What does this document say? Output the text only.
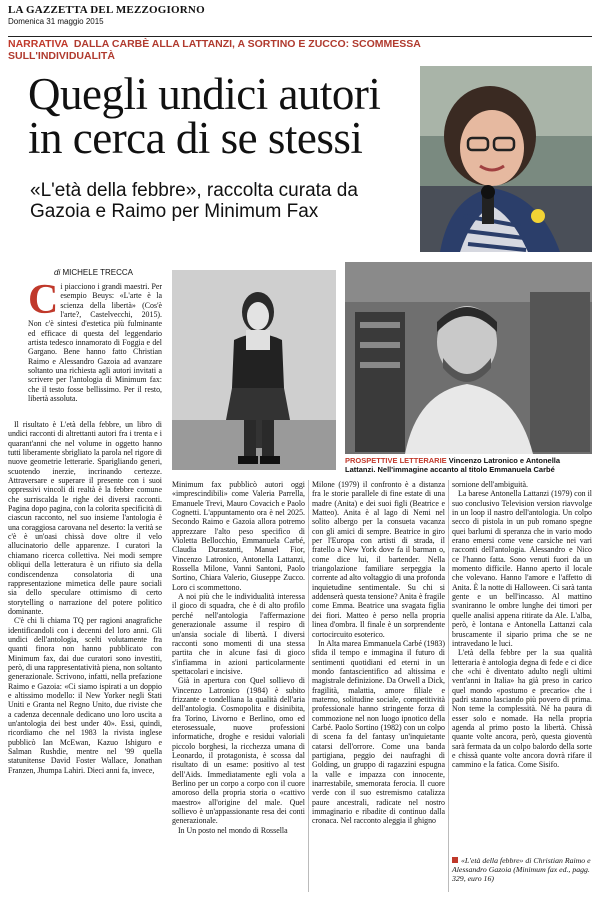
LA GAZZETTA DEL MEZZOGIORNO
Domenica 31 maggio 2015
NARRATIVA DALLA CARBÈ ALLA LATTANZI, A SORTINO E ZUCCO: SCOMMESSA SULL'INDIVIDUALITÀ
Quegli undici autori
in cerca di se stessi
«L'età della febbre», raccolta curata da Gazoia e Raimo per Minimum Fax
di MICHELE TRECCA
Ci piacciono i grandi maestri. Per esempio Beuys: «L'arte è la scienza della libertà» (Cos'è l'arte?, Castelvecchi, 2015). Non c'è sintesi d'estetica più fulminante ed efficace di questa del leggendario artista tedesco innamorato di Foggia e del Gargano. Bene hanno fatto Christian Raimo e Alessandro Gazoia ad avanzare soltanto una richiesta agli autori invitati a scrivere per l'antologia di Minimum fax: che il testo fosse bellissimo. Per il resto, libertà assoluta.

Il risultato è L'età della febbre, un libro di undici racconti di altrettanti autori fra i trenta e i quarant'anni che nel volume in oggetto hanno tutti liberamente sbrigliato la parola nel rigore di nuove geometrie letterarie. Sparigliando generi, scuotendo inerzie, incrinando certezze. Attraversare e superare il presente con i suoi oppressivi vincoli di realtà è la febbre comune che surriscalda le righe dei diversi racconti. Pagina dopo pagina, con la colorita specificità di ciascun racconto, nel suo insieme l'antologia è una coraggiosa carovana nel deserto: la verità se c'è è un'oasi chissà dove oltre il velo allucinatorio delle apparenze. I curatori la chiamano ricerca collettiva. Nei modi sempre obliqui della letteratura è un rifiuto sia della condiscendenza consolatoria di una rappresentazione mimetica delle paure sociali sia dello speculare ottimismo di certo storytelling o narrazione del potere politico dominante.

C'è chi li chiama TQ per ragioni anagrafiche identificandoli con i decenni del loro anni. Gli undici dell'antologia, scelti volutamente fra quanti finora non hanno pubblicato con Minimum fax, dai due curatori sono investiti, però, di una rappresentatività piena, non soltanto generazionale. Scrivono, infatti, nella prefazione Raimo e Gazoia: «Ci siamo ispirati a un doppio e altissimo modello: il New Yorker negli Stati Uniti e Granta nel Regno Unito, due riviste che a cadenza decennale dedicano uno loro uscita a un'antologia dei best under 40». Essi, quindi, ricordiamo che nel 1983 la rivista inglese pubblicò Ian McEwan, Kazuo Ishiguro e Salman Rushdie, mentre nel '99 quella statunitense David Foster Wallace, Jonathan Franzen, Jhumpa Lahiri. Dieci anni fa, invece,

PROSPETTIVE LETTERARIE Vincenzo Latronico e Antonella Lattanzi. Nell'immagine accanto al titolo Emmanuela Carbé

Minimum fax pubblicò autori oggi «imprescindibili» come Valeria Parrella, Emanuele Trevi, Mauro Covacich e Paolo Cognetti. L'appuntamento ora è nel 2025. Secondo Raimo e Gazoia allora potremo apprezzare l'alto peso specifico di Violetta Bellocchio, Emmanuela Carbé, Claudia Durastanti, Manuel Fior, Vincenzo Latronico, Antonella Lattanzi, Rossella Milone, Vanni Santoni, Paolo Sortino, Chiara Valerio, Giuseppe Zucco. Loro ci scommettono.

A noi più che le individualità interessa il gioco di squadra, che è di alto profilo perché nell'antologia l'affermazione generazionale assume il respiro di un'ansia sociale di libertà. I diversi racconti sono momenti di una stessa partita che in alcune fasi di gioco s'infiamma in azioni particolarmente spettacolari e incisive.

Già in apertura con Quel sollievo di Vincenzo Latronico (1984) è subito frizzante e tondelliana la qualità dell'aria dell'antologia. Cosmopolita e disinibita, fra Torino, Livorno e Berlino, omo ed eterosessuale, nuove professioni informatiche, droghe e residui valoriali piccolo borghesi, la ricchezza umana di Leonardo, il protagonista, è scossa dal risultato di un esame: positivo al test dell'Aids. Immediatamente egli vola a Berlino per un corpo a corpo con il cuore amoroso della propria storia o «cattivo maestro» all'origine del male. Quel sollievo è un'appassionante resa dei conti generazionale.

In Un posto nel mondo di Rossella

Milone (1979) il confronto è a distanza fra le storie parallele di fine estate di una madre (Anita) e dei suoi figli (Beatrice e Matteo). Anita è al lago di Nemi nel solito albergo per la consueta vacanza con gli amici di sempre. Beatrice in giro per l'Europa con artisti di strada, il fratello a New York dove fa il barman o, come dice lui, il bartender. Nella triangolazione familiare serpeggia la corrente ad alto voltaggio di una profonda inquietudine sentimentale. Su chi si addenserà questa tensione? Anita è fragile come Emma. Beatrice una svagata figlia dei fiori. Matteo è perso nella propria linea d'ombra. Il finale è un sorprendente cortocircuito esoterico.

In Alta marea Emmanuela Carbé (1983) sfida il tempo e immagina il futuro di sentimenti quotidiani ed eterni in un mondo fantascientifico ad altissima e magistrale definizione. Da Orwell a Dick, fragilità, malattia, amore filiale e materno, solitudine sociale, competitività professionale hanno stringente forza di commozione nel non luogo ipnotico della Carbé. Paolo Sortino (1982) con un colpo di scena fa del fantasy un'inquietante catarsi dell'orrore. Come una banda partigiana, peggio dei naufraghi di Golding, un gruppo di ragazzini espugna la valle e impazza con innocente, inarrestabile, smemorata ferocia. Il cuore verde con il suo estremismo catalizza paure ancestrali, radicate nel nostro immaginario e ribadite di continuo dalla cronaca. Nel racconto aleggia il ghigno

sornione dell'ambiguità.

La barese Antonella Lattanzi (1979) con il suo conclusivo Television version riavvolge in un loop il nastro dell'antologia. Un colpo secco di pistola in un pub romano spegne quei barlumi di speranza che in vario modo erano emersi come vene carsiche nei vari racconti dell'antologia. Alessandro e Nico ce l'hanno fatta. Sono venuti fuori da un momento difficile. Hanno aperto il locale che volevano. Hanno l'amore e l'affetto di Anita. È la notte di Halloween. Ci sarà tanta gente e un bell'incasso. Al mattino svaniranno le ombre lunghe dei timori per quelle analisi appena ritirate da Ale. L'alba, però, è lontana e Antonella Lattanzi cala bruscamente il sipario prima che se ne intravedano le luci.

L'età della febbre per la sua qualità letteraria è antologia degna di fede e ci dice che «chi è diventato adulto negli ultimi vent'anni in Italia» ha già preso in carico quel mondo «postumo e precario» che i padri stanno lasciando più povero di prima. Non teme la complessità. Né ha paura di esser solo e nomade. Ha nella propria agenda al primo posto la libertà. Chissà quante volte ancora, però, questa gioventù sarà fermata da un colpo balordo della sorte e chissà quante volte ancora dovrà rifare il cammino e la fatica. Come Sisifo.

«L'età della febbre» di Christian Raimo e Alessandro Gazoia (Minimum fax ed., pagg. 329, euro 16)
